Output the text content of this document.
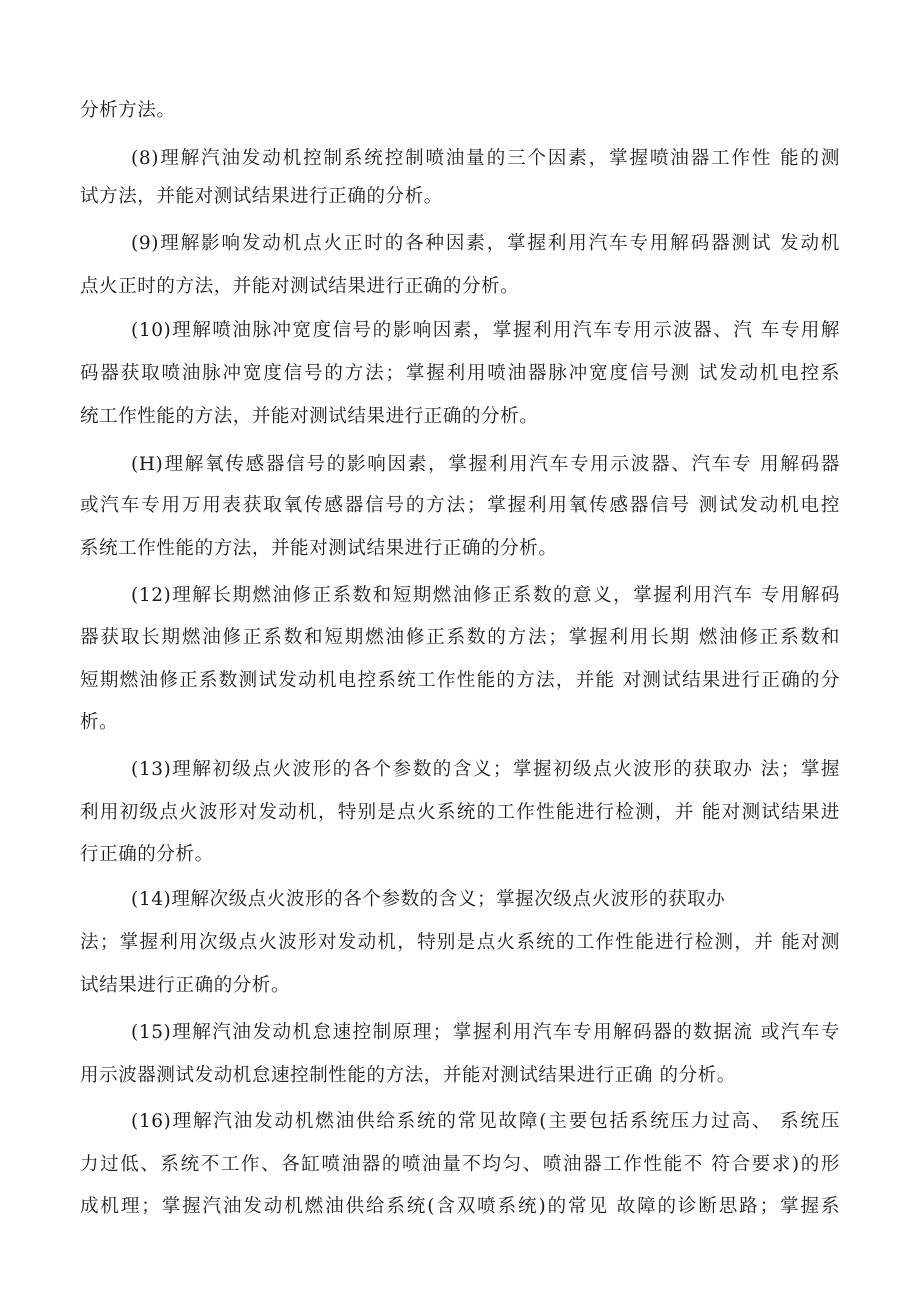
分析方法。
(8)理解汽油发动机控制系统控制喷油量的三个因素，掌握喷油器工作性 能的测
试方法，并能对测试结果进行正确的分析。
(9)理解影响发动机点火正时的各种因素，掌握利用汽车专用解码器测试 发动机
点火正时的方法，并能对测试结果进行正确的分析。
(10)理解喷油脉冲宽度信号的影响因素，掌握利用汽车专用示波器、汽 车专用解
码器获取喷油脉冲宽度信号的方法；掌握利用喷油器脉冲宽度信号测 试发动机电控系
统工作性能的方法，并能对测试结果进行正确的分析。
(H)理解氧传感器信号的影响因素，掌握利用汽车专用示波器、汽车专 用解码器
或汽车专用万用表获取氧传感器信号的方法；掌握利用氧传感器信号 测试发动机电控
系统工作性能的方法，并能对测试结果进行正确的分析。
(12)理解长期燃油修正系数和短期燃油修正系数的意义，掌握利用汽车 专用解码
器获取长期燃油修正系数和短期燃油修正系数的方法；掌握利用长期 燃油修正系数和
短期燃油修正系数测试发动机电控系统工作性能的方法，并能 对测试结果进行正确的分
析。
(13)理解初级点火波形的各个参数的含义；掌握初级点火波形的获取办 法；掌握
利用初级点火波形对发动机，特别是点火系统的工作性能进行检测，并 能对测试结果进
行正确的分析。
(14)理解次级点火波形的各个参数的含义；掌握次级点火波形的获取办
法；掌握利用次级点火波形对发动机，特别是点火系统的工作性能进行检测，并 能对测
试结果进行正确的分析。
(15)理解汽油发动机怠速控制原理；掌握利用汽车专用解码器的数据流 或汽车专
用示波器测试发动机怠速控制性能的方法，并能对测试结果进行正确 的分析。
(16)理解汽油发动机燃油供给系统的常见故障(主要包括系统压力过高、 系统压
力过低、系统不工作、各缸喷油器的喷油量不均匀、喷油器工作性能不 符合要求)的形
成机理；掌握汽油发动机燃油供给系统(含双喷系统)的常见 故障的诊断思路；掌握系
